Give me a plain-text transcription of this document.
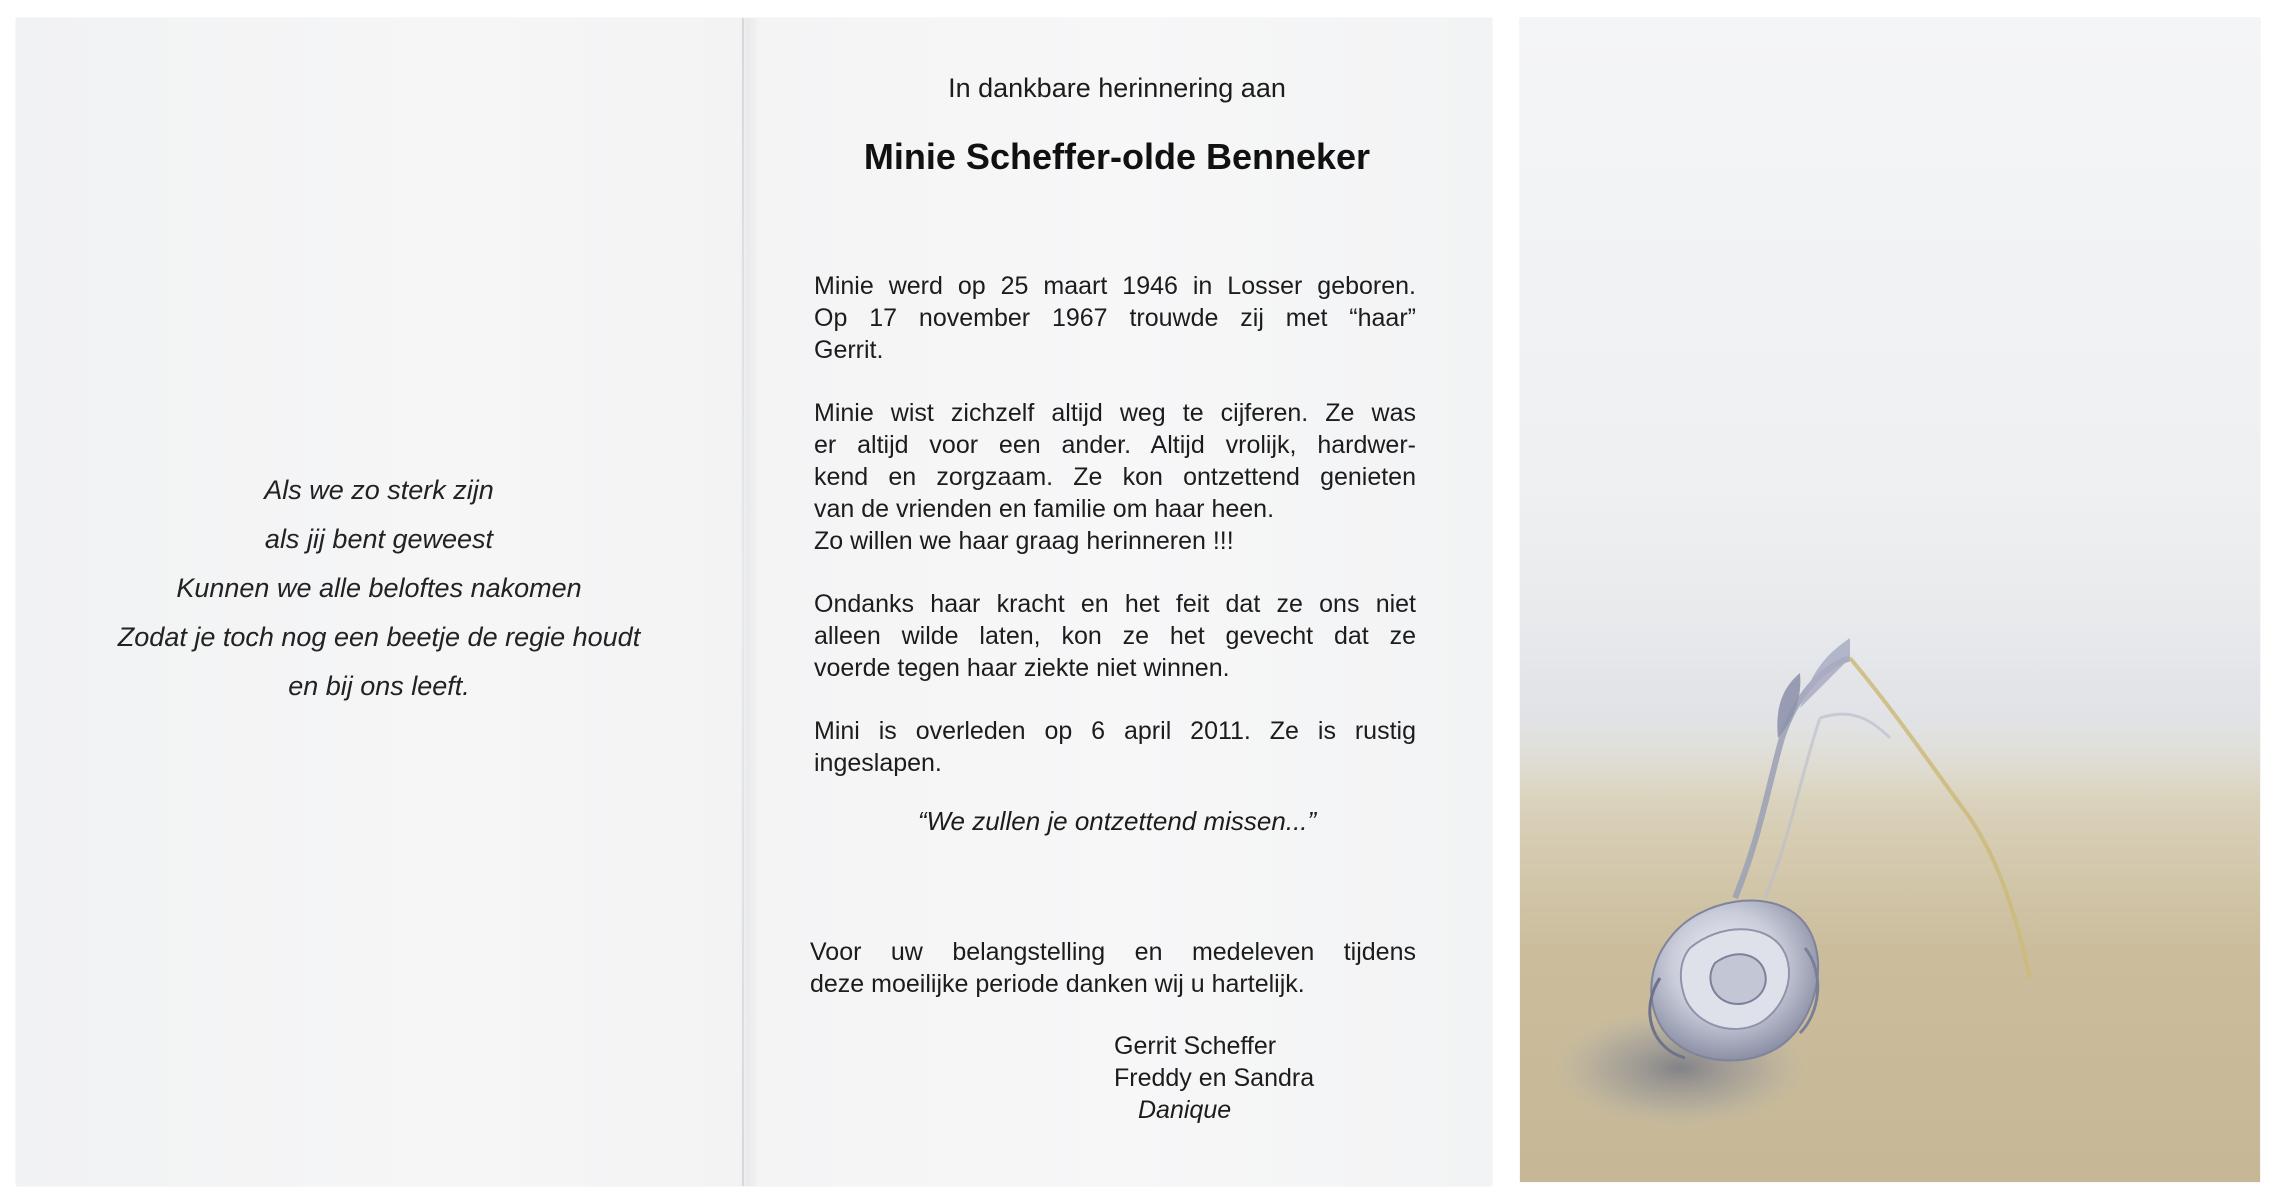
Als we zo sterk zijn
als jij bent geweest
Kunnen we alle beloftes nakomen
Zodat je toch nog een beetje de regie houdt
en bij ons leeft.
In dankbare herinnering aan
Minie Scheffer-olde Benneker
Minie werd op 25 maart 1946 in Losser geboren.
Op 17 november 1967 trouwde zij met “haar”
Gerrit.
Minie wist zichzelf altijd weg te cijferen. Ze was
er altijd voor een ander. Altijd vrolijk, hardwer-
kend en zorgzaam. Ze kon ontzettend genieten
van de vrienden en familie om haar heen.
Zo willen we haar graag herinneren !!!
Ondanks haar kracht en het feit dat ze ons niet
alleen wilde laten, kon ze het gevecht dat ze
voerde tegen haar ziekte niet winnen.
Mini is overleden op 6 april 2011. Ze is rustig
ingeslapen.
“We zullen je ontzettend missen...”
Voor uw belangstelling en medeleven tijdens
deze moeilijke periode danken wij u hartelijk.
Gerrit Scheffer
Freddy en Sandra
Danique
